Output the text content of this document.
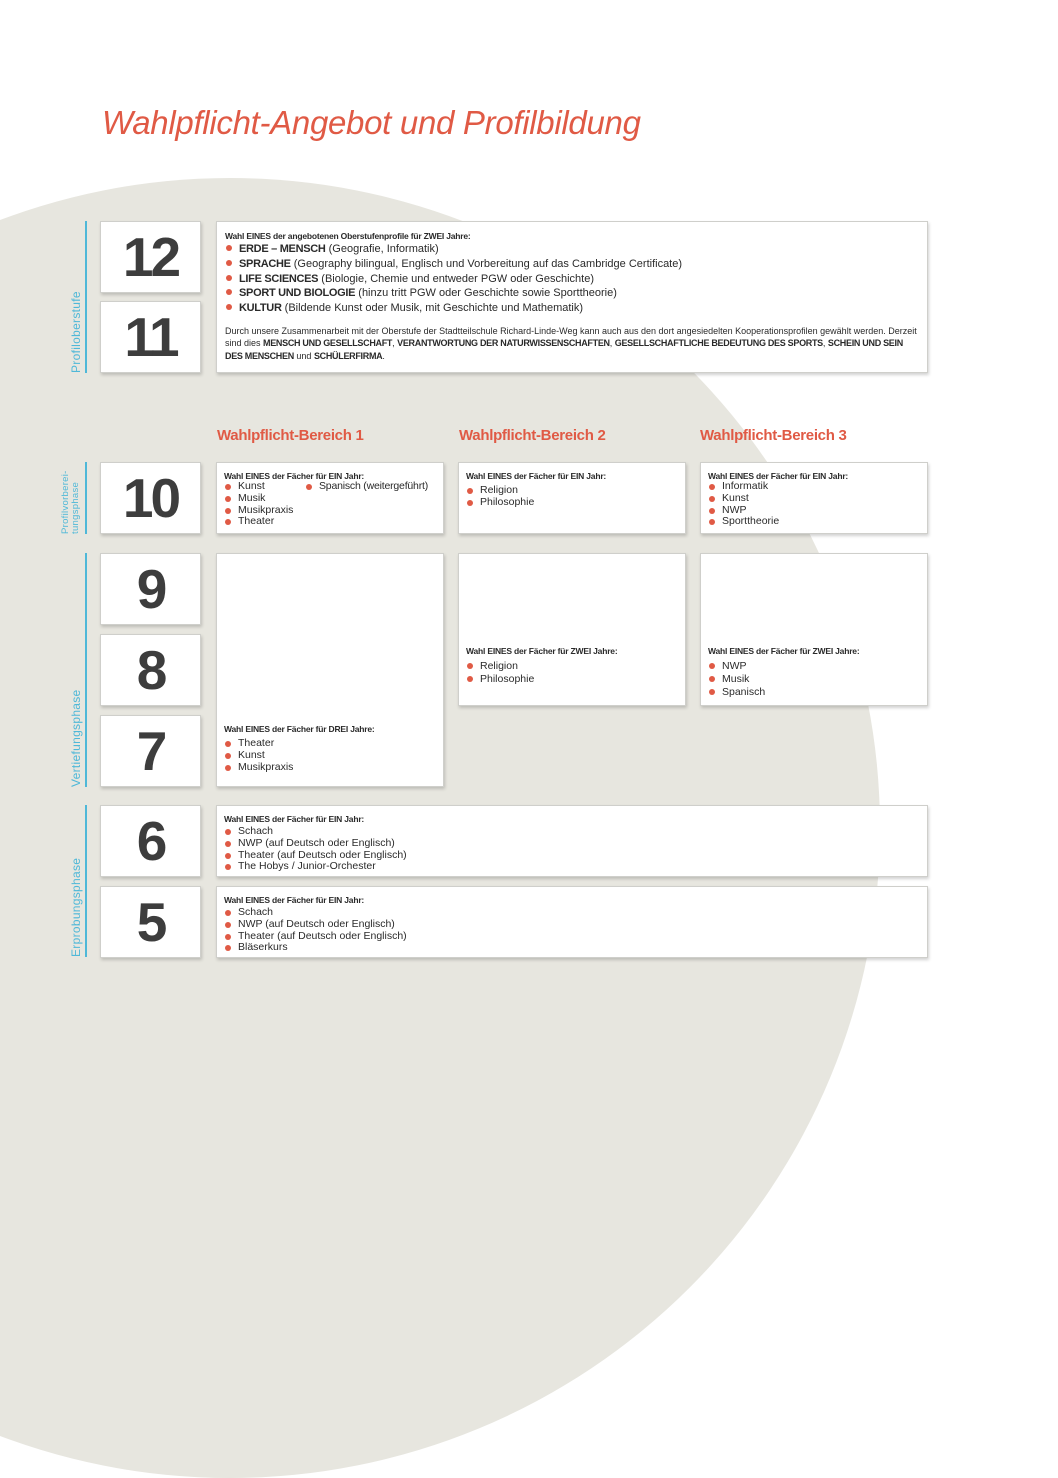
Wahlpflicht-Angebot und Profilbildung
Profiloberstufe
Profilvorberei- tungsphase
Vertiefungsphase
Erprobungsphase
12
11
10
9
8
7
6
5
Wahl EINES der angebotenen Oberstufenprofile für ZWEI Jahre:
ERDE – MENSCH (Geografie, Informatik)
SPRACHE (Geography bilingual, Englisch und Vorbereitung auf das Cambridge Certificate)
LIFE SCIENCES (Biologie, Chemie und entweder PGW oder Geschichte)
SPORT UND BIOLOGIE (hinzu tritt PGW oder Geschichte sowie Sporttheorie)
KULTUR (Bildende Kunst oder Musik, mit Geschichte und Mathematik)
Durch unsere Zusammenarbeit mit der Oberstufe der Stadtteilschule Richard-Linde-Weg kann auch aus den dort angesiedelten Kooperationsprofilen gewählt werden. Derzeit sind dies MENSCH UND GESELLSCHAFT, VERANTWORTUNG DER NATURWISSENSCHAFTEN, GESELLSCHAFTLICHE BEDEUTUNG DES SPORTS, SCHEIN UND SEIN DES MENSCHEN und SCHÜLERFIRMA.
Wahlpflicht-Bereich 1	Wahlpflicht-Bereich 2	Wahlpflicht-Bereich 3
Wahl EINES der Fächer für EIN Jahr:
Kunst
Musik
Musikpraxis
Theater
Spanisch (weitergeführt)
Wahl EINES der Fächer für EIN Jahr:
Religion
Philosophie
Wahl EINES der Fächer für EIN Jahr:
Informatik
Kunst
NWP
Sporttheorie
Wahl EINES der Fächer für DREI Jahre:
Theater
Kunst
Musikpraxis
Wahl EINES der Fächer für ZWEI Jahre:
Religion
Philosophie
Wahl EINES der Fächer für ZWEI Jahre:
NWP
Musik
Spanisch
Wahl EINES der Fächer für EIN Jahr:
Schach
NWP (auf Deutsch oder Englisch)
Theater (auf Deutsch oder Englisch)
The Hobys / Junior-Orchester
Wahl EINES der Fächer für EIN Jahr:
Schach
NWP (auf Deutsch oder Englisch)
Theater (auf Deutsch oder Englisch)
Bläserkurs
